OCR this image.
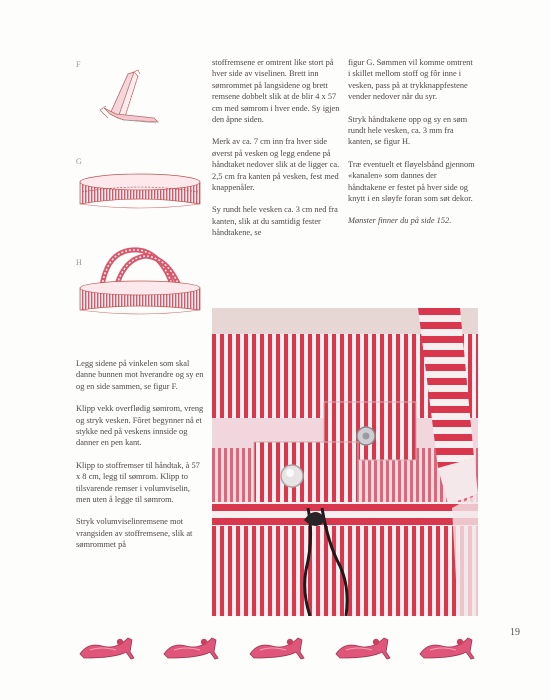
F
G
H

Legg sidene på vinkelen som skal danne bunnen mot hverandre og sy en og en side sammen, se figur F.

Klipp vekk overflødig sømrom, vreng og stryk vesken. Fôret begynner nå et stykke ned på veskens innside og danner en pen kant.

Klipp to stoffremser til håndtak, à 57 x 8 cm, legg til sømrom. Klipp to tilsvarende remser i volumviselin, men uten å legge til sømrom.

Stryk volumviselinremsene mot vrangsiden av stoffremsene, slik at sømrommet på

stoffremsene er omtrent like stort på hver side av viselinen. Brett inn sømrommet på langsidene og brett remsene dobbelt slik at de blir 4 x 57 cm med sømrom i hver ende. Sy igjen den åpne siden.

Merk av ca. 7 cm inn fra hver side øverst på vesken og legg endene på håndtaket nedover slik at de ligger ca. 2,5 cm fra kanten på vesken, fest med knappenåler.

Sy rundt hele vesken ca. 3 cm ned fra kanten, slik at du samtidig fester håndtakene, se

figur G. Sømmen vil komme omtrent i skillet mellom stoff og fôr inne i vesken, pass på at trykknappfestene vender nedover når du syr.

Stryk håndtakene opp og sy en søm rundt hele vesken, ca. 3 mm fra kanten, se figur H.

Træ eventuelt et fløyelsbånd gjennom «kanalen» som dannes der håndtakene er festet på hver side og knytt i en sløyfe foran som søt dekor.

Mønster finner du på side 152.

19
